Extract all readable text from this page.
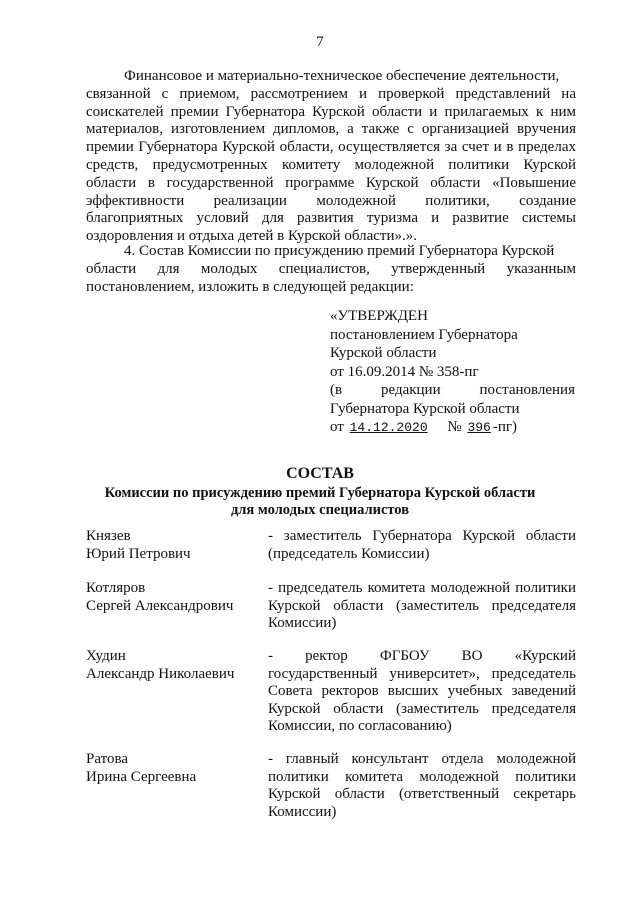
7
Финансовое и материально-техническое обеспечение деятельности,
связанной с приемом, рассмотрением и проверкой представлений на
соискателей премии Губернатора Курской области и прилагаемых к ним
материалов, изготовлением дипломов, а также с организацией вручения
премии Губернатора Курской области, осуществляется за счет и в пределах
средств, предусмотренных комитету молодежной политики Курской
области в государственной программе Курской области «Повышение
эффективности реализации молодежной политики, создание
благоприятных условий для развития туризма и развитие системы
оздоровления и отдыха детей в Курской области».».
4. Состав Комиссии по присуждению премий Губернатора Курской
области для молодых специалистов, утвержденный указанным
постановлением, изложить в следующей редакции:
«УТВЕРЖДЕН
постановлением Губернатора
Курской области
от 16.09.2014 № 358-пг
(в редакции постановления
Губернатора Курской области
от 14.12.2020 № 396 -пг)
СОСТАВ
Комиссии по присуждению премий Губернатора Курской области
для молодых специалистов
Князев
Юрий Петрович
- заместитель Губернатора Курской области
(председатель Комиссии)
Котляров
Сергей Александрович
- председатель комитета молодежной политики
Курской области (заместитель председателя
Комиссии)
Худин
Александр Николаевич
- ректор ФГБОУ ВО «Курский
государственный университет», председатель
Совета ректоров высших учебных заведений
Курской области (заместитель председателя
Комиссии, по согласованию)
Ратова
Ирина Сергеевна
- главный консультант отдела молодежной
политики комитета молодежной политики
Курской области (ответственный секретарь
Комиссии)
